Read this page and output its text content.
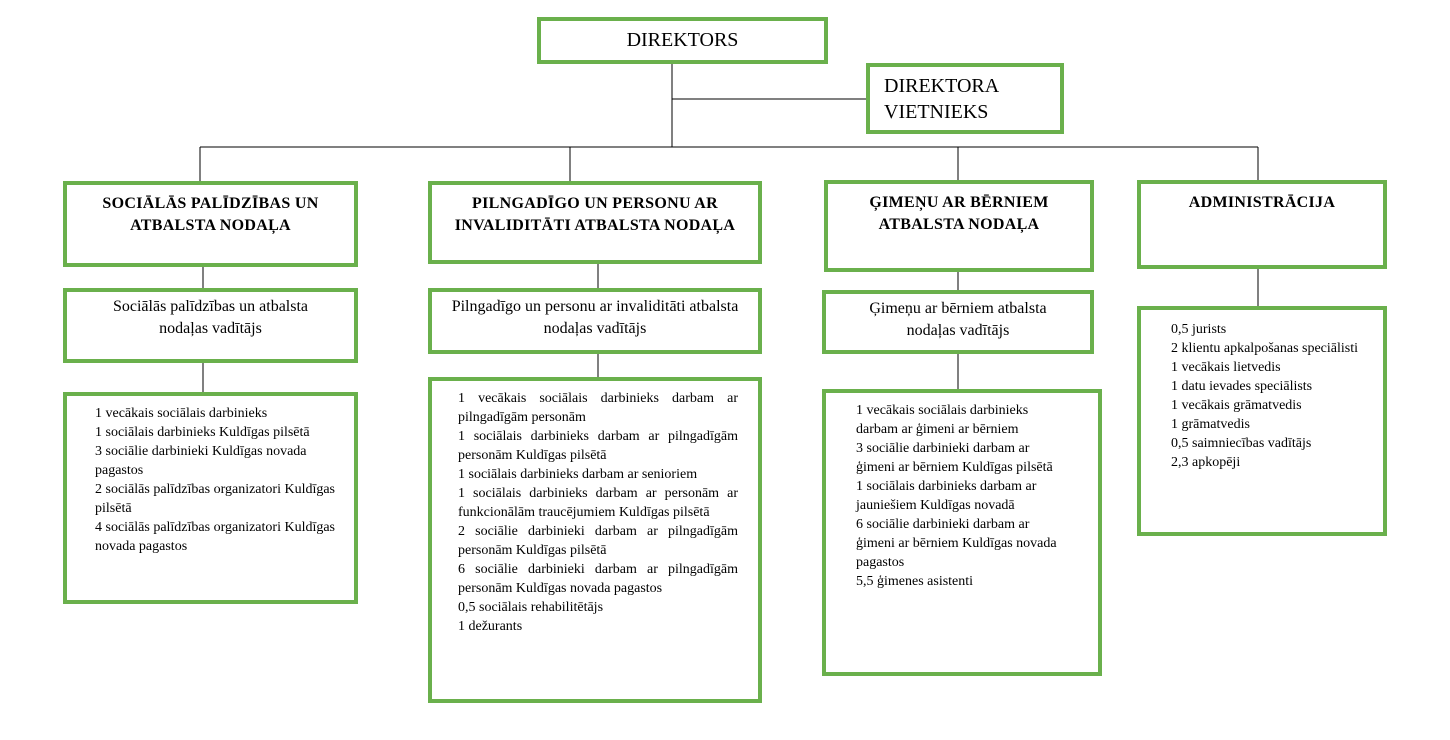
DIREKTORS
DIREKTORA VIETNIEKS
SOCIĀLĀS PALĪDZĪBAS UN ATBALSTA NODAĻA
PILNGADĪGO UN PERSONU AR INVALIDITĀTI ATBALSTA NODAĻA
ĢIMEŅU AR BĒRNIEM ATBALSTA NODAĻA
ADMINISTRĀCIJA
Sociālās palīdzības un atbalsta nodaļas vadītājs
Pilngadīgo un personu ar invaliditāti atbalsta nodaļas vadītājs
Ģimeņu ar bērniem atbalsta nodaļas vadītājs
1 vecākais sociālais darbinieks
1 sociālais darbinieks Kuldīgas pilsētā
3 sociālie darbinieki Kuldīgas novada pagastos
2 sociālās palīdzības organizatori Kuldīgas pilsētā
4 sociālās palīdzības organizatori Kuldīgas novada pagastos
1 vecākais sociālais darbinieks darbam ar pilngadīgām personām
1 sociālais darbinieks darbam ar pilngadīgām personām Kuldīgas pilsētā
1 sociālais darbinieks darbam ar senioriem
1 sociālais darbinieks darbam ar personām ar funkcionālām traucējumiem Kuldīgas pilsētā
2 sociālie darbinieki darbam ar pilngadīgām personām Kuldīgas pilsētā
6 sociālie darbinieki darbam ar pilngadīgām personām Kuldīgas novada pagastos
0,5 sociālais rehabilitētājs
1 dežurants
1 vecākais sociālais darbinieks darbam ar ģimeni ar bērniem
3 sociālie darbinieki darbam ar ģimeni ar bērniem Kuldīgas pilsētā
1 sociālais darbinieks darbam ar jauniešiem Kuldīgas novadā
6 sociālie darbinieki darbam ar ģimeni ar bērniem Kuldīgas novada pagastos
5,5 ģimenes asistenti
0,5 jurists
2 klientu apkalpošanas speciālisti
1 vecākais lietvedis
1 datu ievades speciālists
1 vecākais grāmatvedis
1 grāmatvedis
0,5 saimniecības vadītājs
2,3 apkopēji
